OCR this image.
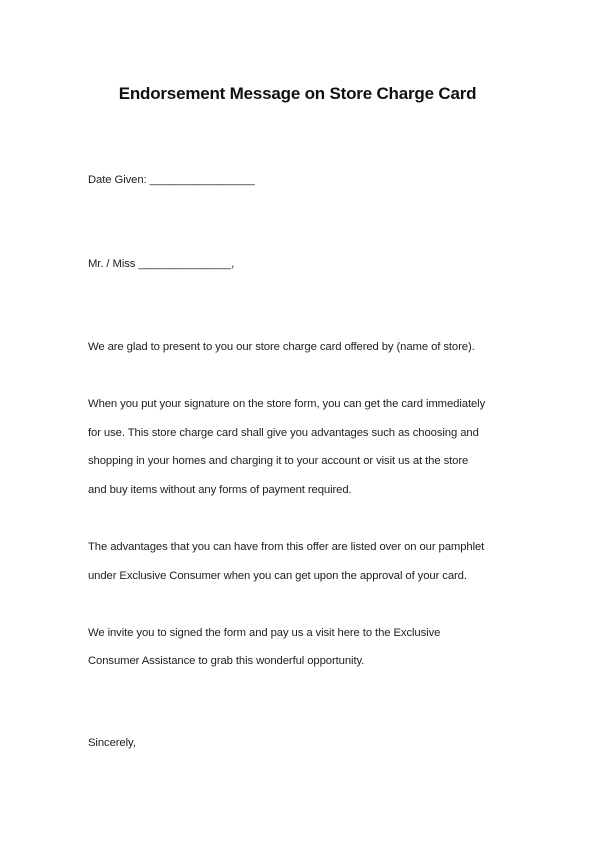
Endorsement Message on Store Charge Card
Date Given: _________________
Mr. / Miss _______________,
We are glad to present to you our store charge card offered by (name of store).
When you put your signature on the store form, you can get the card immediately
for use. This store charge card shall give you advantages such as choosing and
shopping in your homes and charging it to your account or visit us at the store
and buy items without any forms of payment required.
The advantages that you can have from this offer are listed over on our pamphlet
under Exclusive Consumer when you can get upon the approval of your card.
We invite you to signed the form and pay us a visit here to the Exclusive
Consumer Assistance to grab this wonderful opportunity.
Sincerely,
